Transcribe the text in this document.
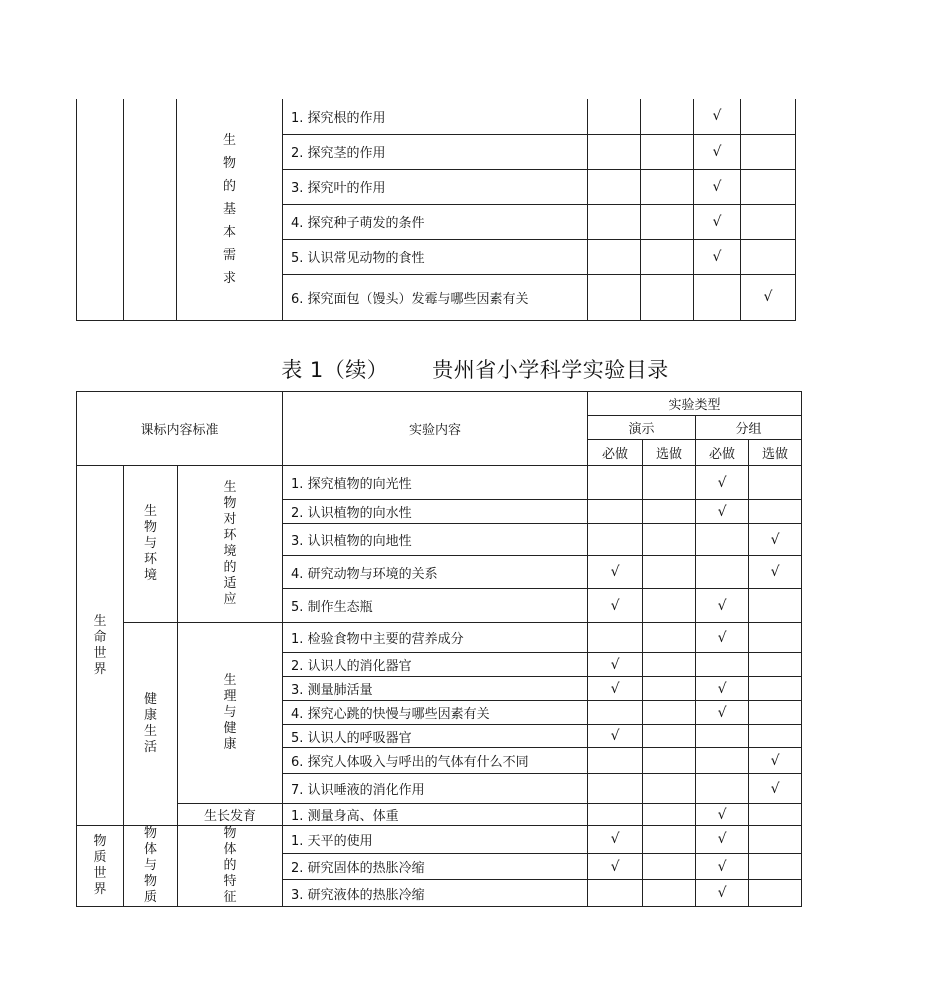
		生物的基本需求	1. 探究根的作用			√	
			2. 探究茎的作用			√	
			3. 探究叶的作用			√	
			4. 探究种子萌发的条件			√	
			5. 认识常见动物的食性			√	
			6. 探究面包（馒头）发霉与哪些因素有关				√
表 1（续） 贵州省小学科学实验目录
课标内容标准			实验内容	实验类型			
				演示		分组	
				必做	选做	必做	选做
生命世界	生物与环境	生物对环境的适应	1. 探究植物的向光性			√	
			2. 认识植物的向水性			√	
			3. 认识植物的向地性				√
			4. 研究动物与环境的关系	√			√
			5. 制作生态瓶	√		√	
	健康生活	生理与健康	1. 检验食物中主要的营养成分			√	
			2. 认识人的消化器官	√			
			3. 测量肺活量	√		√	
			4. 探究心跳的快慢与哪些因素有关			√	
			5. 认识人的呼吸器官	√			
			6. 探究人体吸入与呼出的气体有什么不同				√
			7. 认识唾液的消化作用				√
		生长发育	1. 测量身高、体重			√	
物质世界	物体与物质	物体的特征	1. 天平的使用	√		√	
			2. 研究固体的热胀冷缩	√		√	
			3. 研究液体的热胀冷缩			√	
